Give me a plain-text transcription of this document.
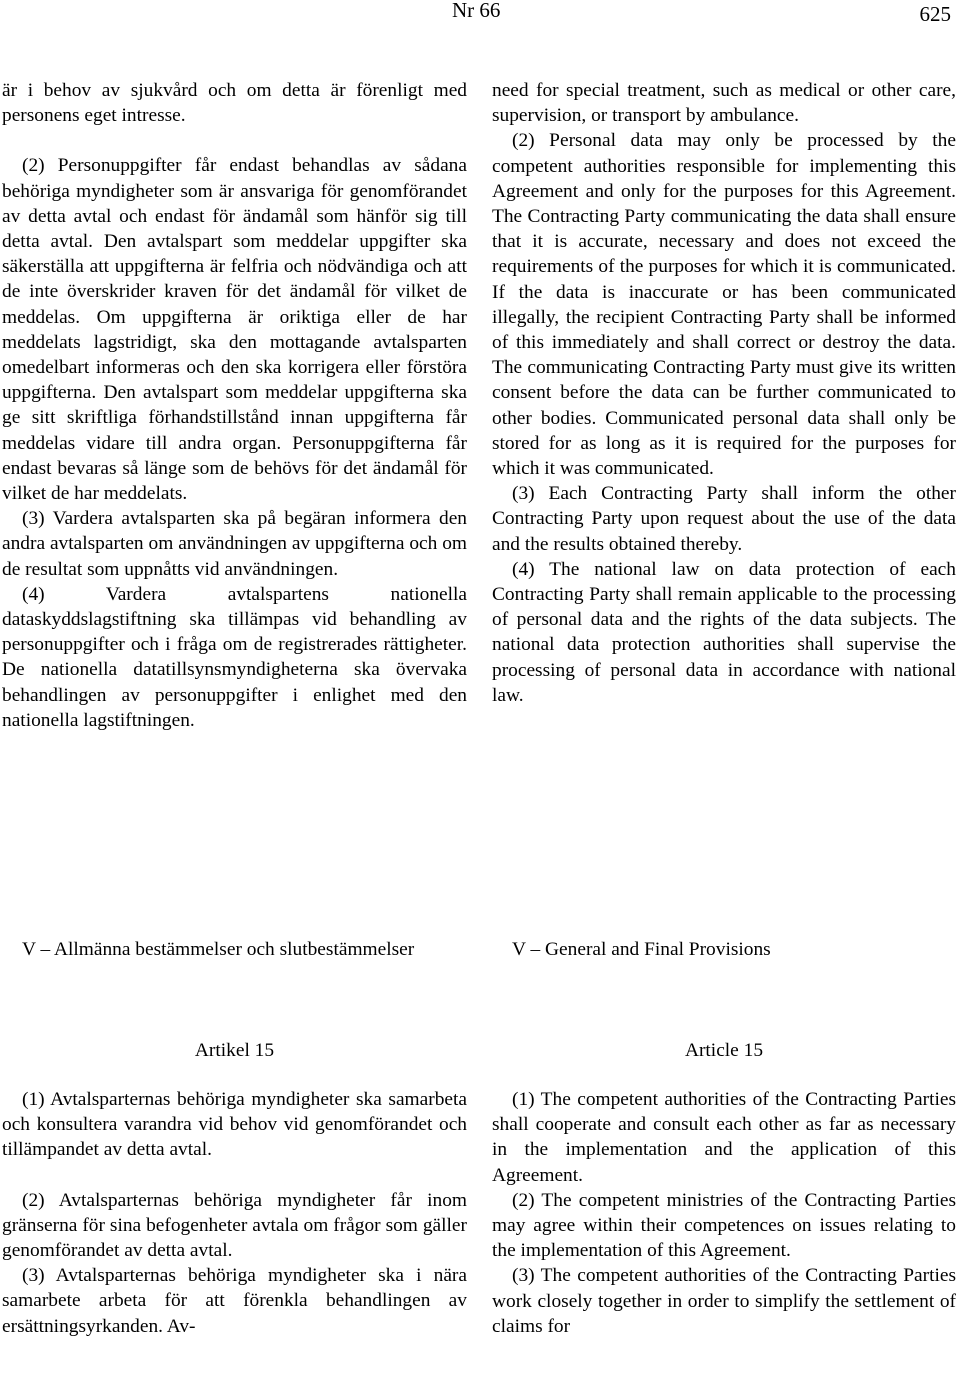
Nr 66	625

är i behov av sjukvård och om detta är förenligt med personens eget intresse.

(2) Personuppgifter får endast behandlas av sådana behöriga myndigheter som är ansvariga för genomförandet av detta avtal och endast för ändamål som hänför sig till detta avtal. Den avtalspart som meddelar uppgifter ska säkerställa att uppgifterna är felfria och nödvändiga och att de inte överskrider kraven för det ändamål för vilket de meddelas. Om uppgifterna är oriktiga eller de har meddelats lagstridigt, ska den mottagande avtalsparten omedelbart informeras och den ska korrigera eller förstöra uppgifterna. Den avtalspart som meddelar uppgifterna ska ge sitt skriftliga förhandstillstånd innan uppgifterna får meddelas vidare till andra organ. Personuppgifterna får endast bevaras så länge som de behövs för det ändamål för vilket de har meddelats.

(3) Vardera avtalsparten ska på begäran informera den andra avtalsparten om användningen av uppgifterna och om de resultat som uppnåtts vid användningen.

(4) Vardera avtalspartens nationella dataskyddslagstiftning ska tillämpas vid behandling av personuppgifter och i fråga om de registrerades rättigheter. De nationella datatillsynsmyndigheterna ska övervaka behandlingen av personuppgifter i enlighet med den nationella lagstiftningen.

need for special treatment, such as medical or other care, supervision, or transport by ambulance.

(2) Personal data may only be processed by the competent authorities responsible for implementing this Agreement and only for the purposes for this Agreement. The Contracting Party communicating the data shall ensure that it is accurate, necessary and does not exceed the requirements of the purposes for which it is communicated. If the data is inaccurate or has been communicated illegally, the recipient Contracting Party shall be informed of this immediately and shall correct or destroy the data. The communicating Contracting Party must give its written consent before the data can be further communicated to other bodies. Communicated personal data shall only be stored for as long as it is required for the purposes for which it was communicated.

(3) Each Contracting Party shall inform the other Contracting Party upon request about the use of the data and the results obtained thereby.

(4) The national law on data protection of each Contracting Party shall remain applicable to the processing of personal data and the rights of the data subjects. The national data protection authorities shall supervise the processing of personal data in accordance with national law.

V – Allmänna bestämmelser och slutbestämmelser	V – General and Final Provisions
Artikel 15	Article 15

(1) Avtalsparternas behöriga myndigheter ska samarbeta och konsultera varandra vid behov vid genomförandet och tillämpandet av detta avtal.

(2) Avtalsparternas behöriga myndigheter får inom gränserna för sina befogenheter avtala om frågor som gäller genomförandet av detta avtal.

(3) Avtalsparternas behöriga myndigheter ska i nära samarbete arbeta för att förenkla behandlingen av ersättningsyrkanden. Av-

(1) The competent authorities of the Contracting Parties shall cooperate and consult each other as far as necessary in the implementation and the application of this Agreement.

(2) The competent ministries of the Contracting Parties may agree within their competences on issues relating to the implementation of this Agreement.

(3) The competent authorities of the Contracting Parties work closely together in order to simplify the settlement of claims for
